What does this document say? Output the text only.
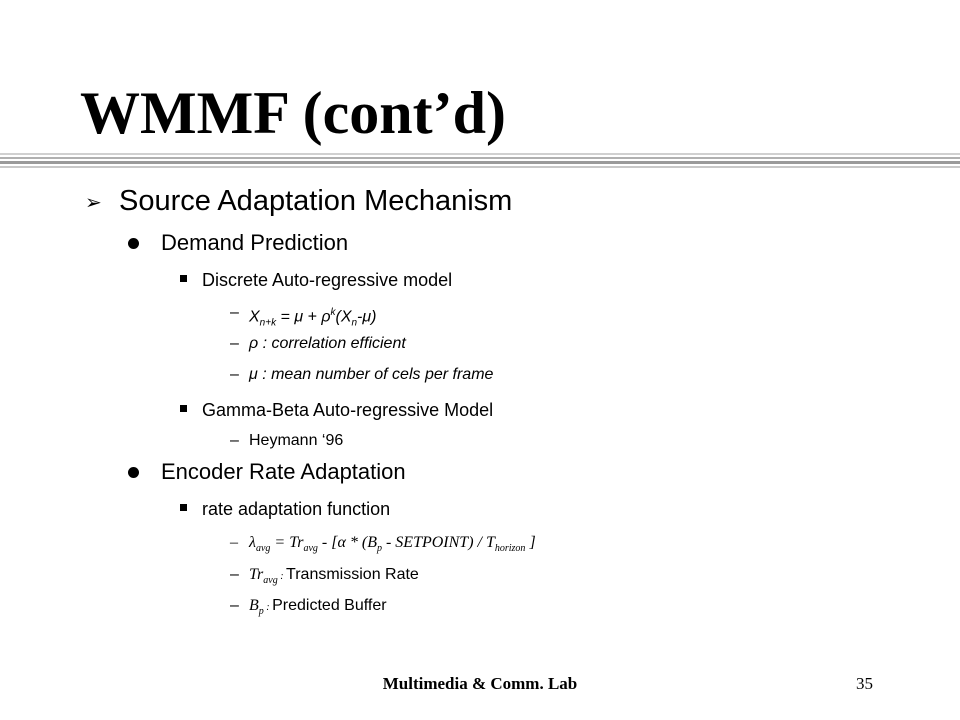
WMMF (cont’d)
➢ Source Adaptation Mechanism
Demand Prediction
Discrete Auto-regressive model
– $X_{n+k} = \mu + \rho^k(X_n-\mu)$
– ρ : correlation efficient
– μ : mean number of cels per frame
Gamma-Beta Auto-regressive Model
– Heymann ‘96
Encoder Rate Adaptation
rate adaptation function
– $\lambda_{avg} = Tr_{avg} - [\alpha * (B_p$ - SETPOINT) / $T_{horizon}$ ]
– $Tr_{avg}$ : Transmission Rate
– $B_p$ : Predicted Buffer
Multimedia & Comm. Lab	35
